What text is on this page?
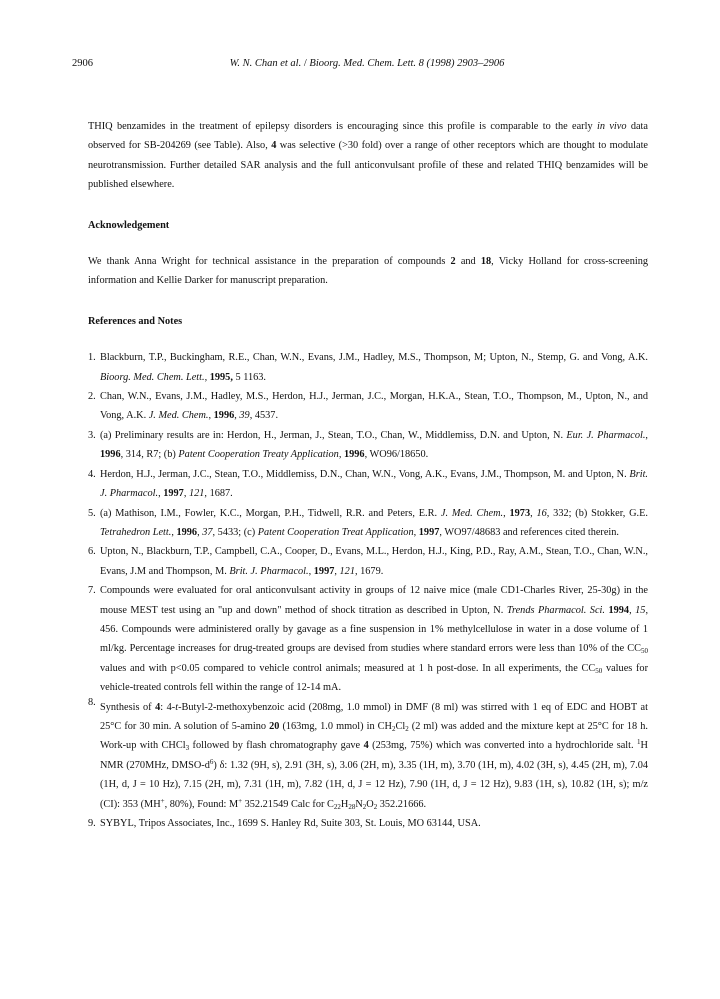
2906	W. N. Chan et al. / Bioorg. Med. Chem. Lett. 8 (1998) 2903–2906

THIQ benzamides in the treatment of epilepsy disorders is encouraging since this profile is comparable to the early in vivo data observed for SB-204269 (see Table). Also, 4 was selective (>30 fold) over a range of other receptors which are thought to modulate neurotransmission. Further detailed SAR analysis and the full anticonvulsant profile of these and related THIQ benzamides will be published elsewhere.

Acknowledgement

We thank Anna Wright for technical assistance in the preparation of compounds 2 and 18, Vicky Holland for cross-screening information and Kellie Darker for manuscript preparation.

References and Notes

1. Blackburn, T.P., Buckingham, R.E., Chan, W.N., Evans, J.M., Hadley, M.S., Thompson, M; Upton, N., Stemp, G. and Vong, A.K. Bioorg. Med. Chem. Lett., 1995, 5 1163.
2. Chan, W.N., Evans, J.M., Hadley, M.S., Herdon, H.J., Jerman, J.C., Morgan, H.K.A., Stean, T.O., Thompson, M., Upton, N., and Vong, A.K. J. Med. Chem., 1996, 39, 4537.
3. (a) Preliminary results are in: Herdon, H., Jerman, J., Stean, T.O., Chan, W., Middlemiss, D.N. and Upton, N. Eur. J. Pharmacol., 1996, 314, R7; (b) Patent Cooperation Treaty Application, 1996, WO96/18650.
4. Herdon, H.J., Jerman, J.C., Stean, T.O., Middlemiss, D.N., Chan, W.N., Vong, A.K., Evans, J.M., Thompson, M. and Upton, N. Brit. J. Pharmacol., 1997, 121, 1687.
5. (a) Mathison, I.M., Fowler, K.C., Morgan, P.H., Tidwell, R.R. and Peters, E.R. J. Med. Chem., 1973, 16, 332; (b) Stokker, G.E. Tetrahedron Lett., 1996, 37, 5433; (c) Patent Cooperation Treat Application, 1997, WO97/48683 and references cited therein.
6. Upton, N., Blackburn, T.P., Campbell, C.A., Cooper, D., Evans, M.L., Herdon, H.J., King, P.D., Ray, A.M., Stean, T.O., Chan, W.N., Evans, J.M and Thompson, M. Brit. J. Pharmacol., 1997, 121, 1679.
7. Compounds were evaluated for oral anticonvulsant activity in groups of 12 naive mice (male CD1-Charles River, 25-30g) in the mouse MEST test using an "up and down" method of shock titration as described in Upton, N. Trends Pharmacol. Sci. 1994, 15, 456. Compounds were administered orally by gavage as a fine suspension in 1% methylcellulose in water in a dose volume of 1 ml/kg. Percentage increases for drug-treated groups are devised from studies where standard errors were less than 10% of the $CC_{50}$ values and with p<0.05 compared to vehicle control animals; measured at 1 h post-dose. In all experiments, the $CC_{50}$ values for vehicle-treated controls fell within the range of 12-14 mA.
8. Synthesis of 4: 4-t-Butyl-2-methoxybenzoic acid (208mg, 1.0 mmol) in DMF (8 ml) was stirred with 1 eq of EDC and HOBT at 25°C for 30 min. A solution of 5-amino 20 (163mg, 1.0 mmol) in $CH_2Cl_2$ (2 ml) was added and the mixture kept at 25°C for 18 h. Work-up with CHCl$_3$ followed by flash chromatography gave 4 (253mg, 75%) which was converted into a hydrochloride salt. $^1$H NMR (270MHz, DMSO-$d^6$) δ: 1.32 (9H, s), 2.91 (3H, s), 3.06 (2H, m), 3.35 (1H, m), 3.70 (1H, m), 4.02 (3H, s), 4.45 (2H, m), 7.04 (1H, d, J = 10 Hz), 7.15 (2H, m), 7.31 (1H, m), 7.82 (1H, d, J = 12 Hz), 7.90 (1H, d, J = 12 Hz), 9.83 (1H, s), 10.82 (1H, s); m/z (CI): 353 (MH+, 80%), Found: M+ 352.21549 Calc for $C_{22}H_{28}N_2O_2$ 352.21666.
9. SYBYL, Tripos Associates, Inc., 1699 S. Hanley Rd, Suite 303, St. Louis, MO 63144, USA.
